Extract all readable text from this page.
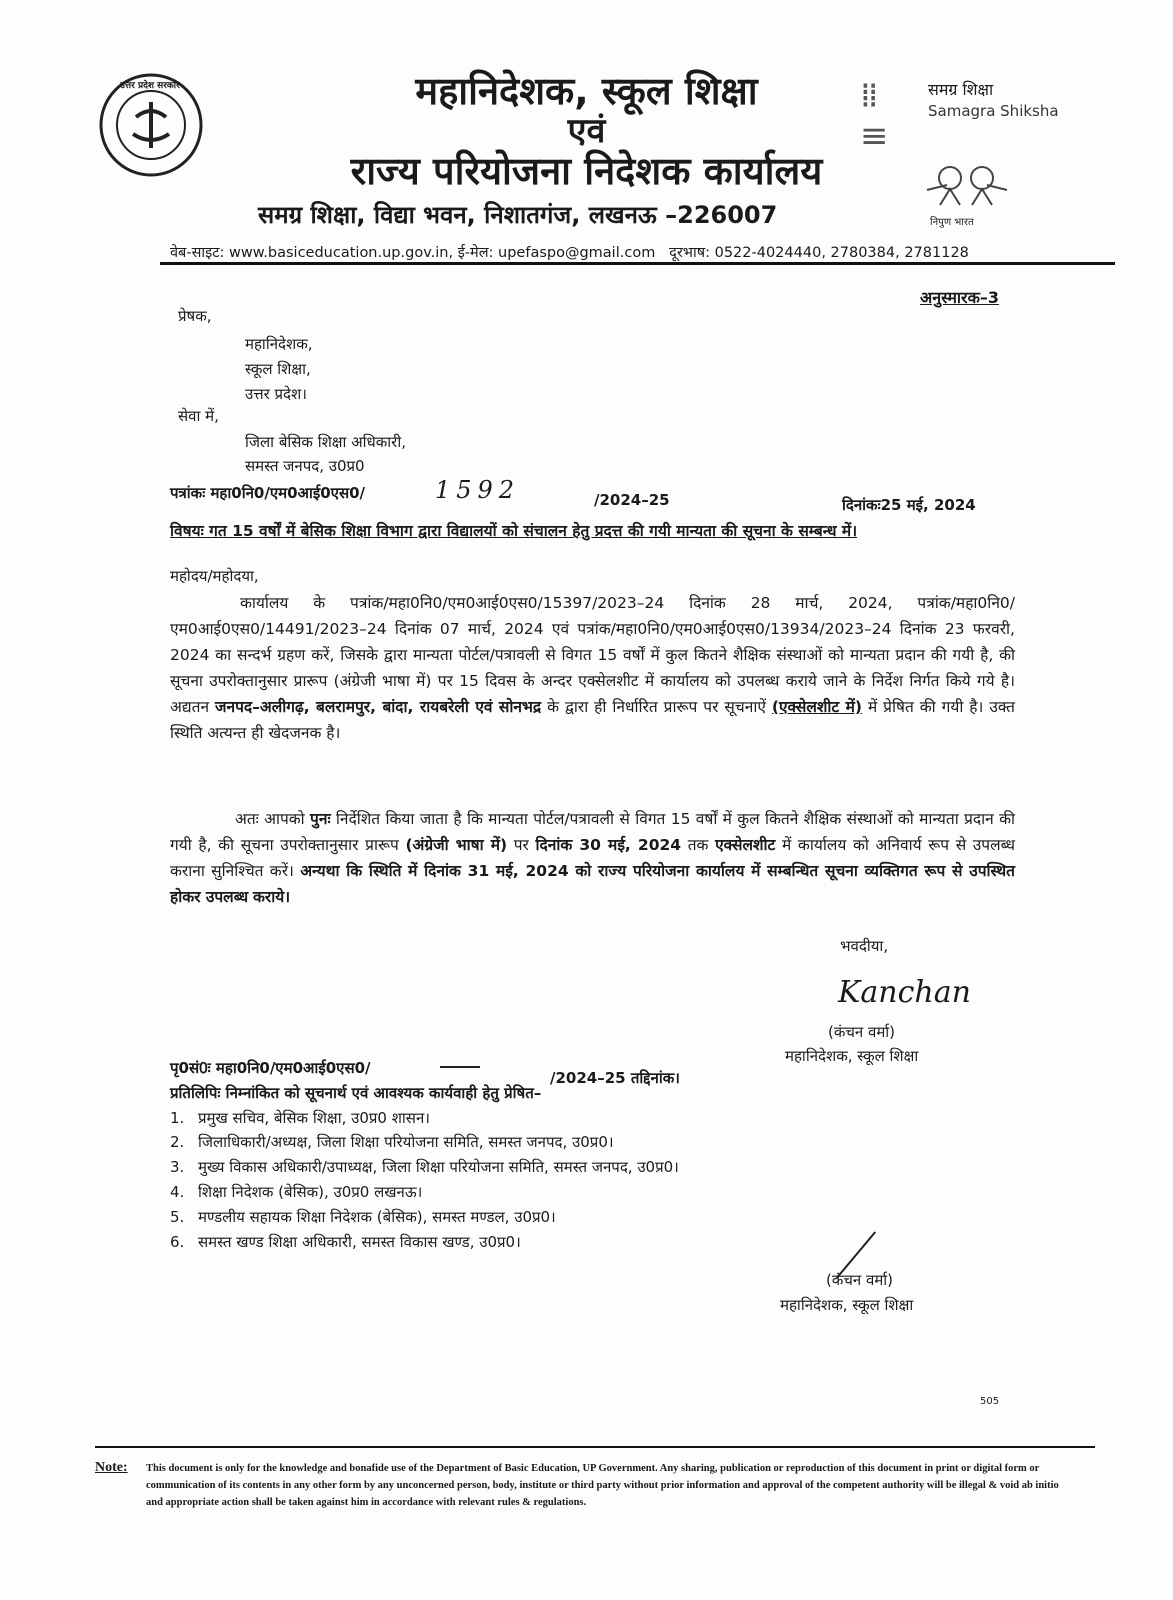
उत्तर प्रदेश सरकार	महानिदेशक, स्कूल शिक्षा
एवं
राज्य परियोजना निदेशक कार्यालय
समग्र शिक्षा, विद्या भवन, निशातगंज, लखनऊ –226007
⁞⁞≡
समग्र शिक्षा
Samagra Shiksha
निपुण भारत
वेब-साइट: www.basiceducation.up.gov.in, ई-मेल: upefaspo@gmail.com   दूरभाष: 0522-4024440, 2780384, 2781128
अनुस्मारक–3
प्रेषक,
महानिदेशक,
स्कूल शिक्षा,
उत्तर प्रदेश।
सेवा में,
जिला बेसिक शिक्षा अधिकारी,
समस्त जनपद, उ0प्र0
पत्रांकः महा0नि0/एम0आई0एस0/	1592	/2024–25	दिनांकः25 मई, 2024
विषयः गत 15 वर्षों में बेसिक शिक्षा विभाग द्वारा विद्यालयों को संचालन हेतु प्रदत्त की गयी मान्यता की सूचना के सम्बन्ध में।
महोदय/महोदया,
कार्यालय के पत्रांक/महा0नि0/एम0आई0एस0/15397/2023–24 दिनांक 28 मार्च, 2024, पत्रांक/महा0नि0/एम0आई0एस0/14491/2023–24 दिनांक 07 मार्च, 2024 एवं पत्रांक/महा0नि0/एम0आई0एस0/13934/2023–24 दिनांक 23 फरवरी, 2024 का सन्दर्भ ग्रहण करें, जिसके द्वारा मान्यता पोर्टल/पत्रावली से विगत 15 वर्षों में कुल कितने शैक्षिक संस्थाओं को मान्यता प्रदान की गयी है, की सूचना उपरोक्तानुसार प्रारूप (अंग्रेजी भाषा में) पर 15 दिवस के अन्दर एक्सेलशीट में कार्यालय को उपलब्ध कराये जाने के निर्देश निर्गत किये गये है। अद्यतन जनपद–अलीगढ़, बलरामपुर, बांदा, रायबरेली एवं सोनभद्र के द्वारा ही निर्धारित प्रारूप पर सूचनाऐं (एक्सेलशीट में) में प्रेषित की गयी है। उक्त स्थिति अत्यन्त ही खेदजनक है।
अतः आपको पुनः निर्देशित किया जाता है कि मान्यता पोर्टल/पत्रावली से विगत 15 वर्षों में कुल कितने शैक्षिक संस्थाओं को मान्यता प्रदान की गयी है, की सूचना उपरोक्तानुसार प्रारूप (अंग्रेजी भाषा में) पर दिनांक 30 मई, 2024 तक एक्सेलशीट में कार्यालय को अनिवार्य रूप से उपलब्ध कराना सुनिश्चित करें। अन्यथा कि स्थिति में दिनांक 31 मई, 2024 को राज्य परियोजना कार्यालय में सम्बन्धित सूचना व्यक्तिगत रूप से उपस्थित होकर उपलब्ध कराये।
भवदीया,
Kanchan
(कंचन वर्मा)
महानिदेशक, स्कूल शिक्षा
पृ0सं0ः महा0नि0/एम0आई0एस0/
/2024–25 तद्दिनांक।
प्रतिलिपिः निम्नांकित को सूचनार्थ एवं आवश्यक कार्यवाही हेतु प्रेषित–
1. प्रमुख सचिव, बेसिक शिक्षा, उ0प्र0 शासन।
2. जिलाधिकारी/अध्यक्ष, जिला शिक्षा परियोजना समिति, समस्त जनपद, उ0प्र0।
3. मुख्य विकास अधिकारी/उपाध्यक्ष, जिला शिक्षा परियोजना समिति, समस्त जनपद, उ0प्र0।
4. शिक्षा निदेशक (बेसिक), उ0प्र0 लखनऊ।
5. मण्डलीय सहायक शिक्षा निदेशक (बेसिक), समस्त मण्डल, उ0प्र0।
6. समस्त खण्ड शिक्षा अधिकारी, समस्त विकास खण्ड, उ0प्र0।
(कंचन वर्मा)
महानिदेशक, स्कूल शिक्षा
505
Note: This document is only for the knowledge and bonafide use of the Department of Basic Education, UP Government. Any sharing, publication or reproduction of this document in print or digital form or communication of its contents in any other form by any unconcerned person, body, institute or third party without prior information and approval of the competent authority will be illegal & void ab initio and appropriate action shall be taken against him in accordance with relevant rules & regulations.
